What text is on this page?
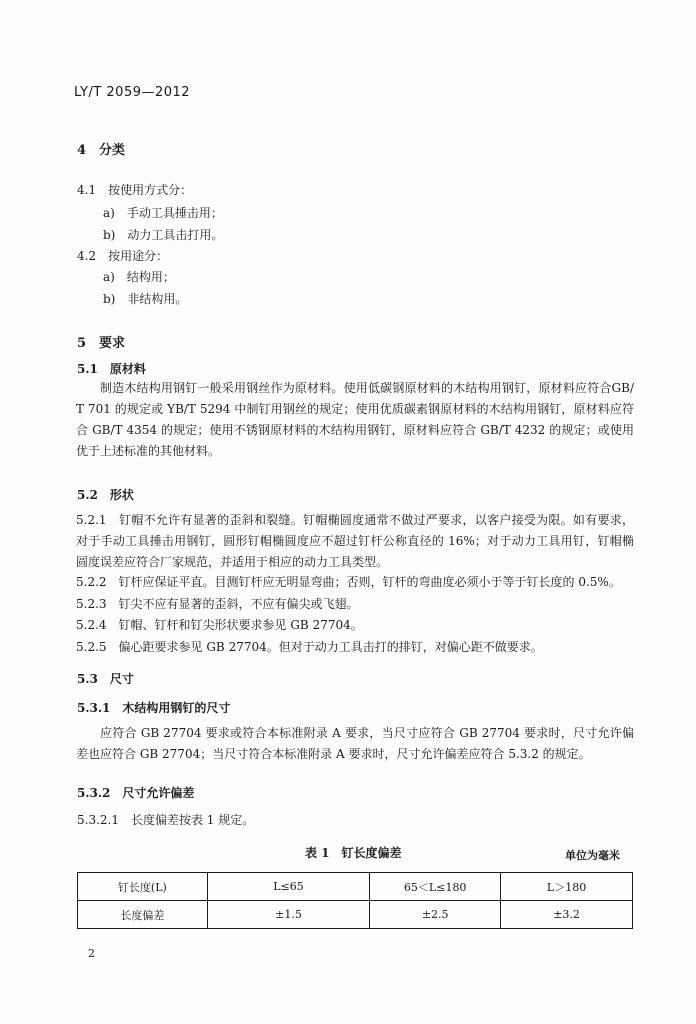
LY/T 2059—2012
4　分类
4.1　按使用方式分：
a)　手动工具捶击用；
b)　动力工具击打用。
4.2　按用途分：
a)　结构用；
b)　非结构用。
5　要求
5.1　原材料
制造木结构用钢钉一般采用钢丝作为原材料。使用低碳钢原材料的木结构用钢钉，原材料应符合GB/T 701 的规定或 YB/T 5294 中制钉用钢丝的规定；使用优质碳素钢原材料的木结构用钢钉，原材料应符合 GB/T 4354 的规定；使用不锈钢原材料的木结构用钢钉，原材料应符合 GB/T 4232 的规定；或使用优于上述标准的其他材料。
5.2　形状
5.2.1　钉帽不允许有显著的歪斜和裂缝。钉帽椭圆度通常不做过严要求，以客户接受为限。如有要求，对于手动工具捶击用钢钉，圆形钉帽椭圆度应不超过钉杆公称直径的 16%；对于动力工具用钉，钉帽椭圆度误差应符合厂家规范，并适用于相应的动力工具类型。
5.2.2　钉杆应保证平直。目测钉杆应无明显弯曲；否则，钉杆的弯曲度必须小于等于钉长度的 0.5%。
5.2.3　钉尖不应有显著的歪斜，不应有偏尖或飞翅。
5.2.4　钉帽、钉杆和钉尖形状要求参见 GB 27704。
5.2.5　偏心距要求参见 GB 27704。但对于动力工具击打的排钉，对偏心距不做要求。
5.3　尺寸
5.3.1　木结构用钢钉的尺寸
应符合 GB 27704 要求或符合本标准附录 A 要求，当尺寸应符合 GB 27704 要求时，尺寸允许偏差也应符合 GB 27704；当尺寸符合本标准附录 A 要求时，尺寸允许偏差应符合 5.3.2 的规定。
5.3.2　尺寸允许偏差
5.3.2.1　长度偏差按表 1 规定。
表 1　钉长度偏差	单位为毫米
钉长度(L)	L≤65	65＜L≤180	L＞180
长度偏差	±1.5	±2.5	±3.2
2
